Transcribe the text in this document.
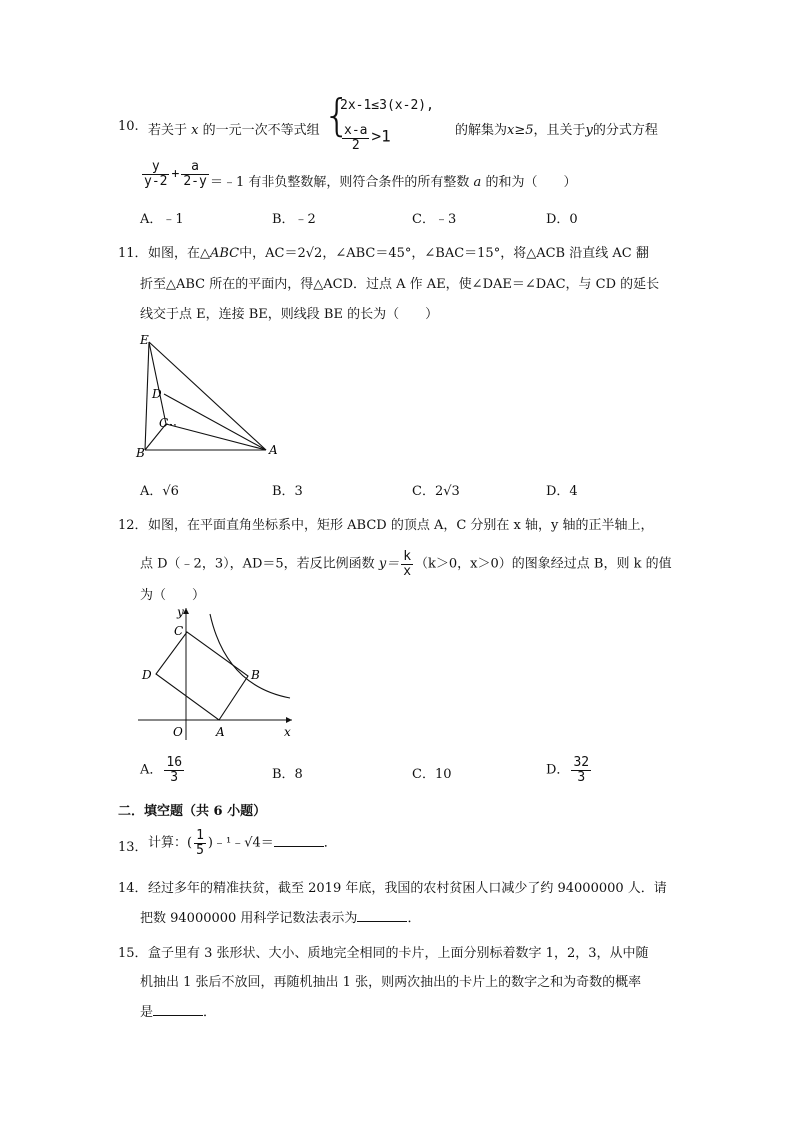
10. 若关于 x 的一元一次不等式组 {
2x-1≤3(x-2),
$\frac{x-a}{2} >1$	的解集为x≥5，且关于y的分式方程
$\frac{y}{y-2} + \frac{a}{2-y}$ ＝﹣1 有非负整数解，则符合条件的所有整数 a 的和为（　　）
A．﹣1	B．﹣2	C．﹣3	D．0
11． 如图，在△ABC中，AC＝2√2，∠ABC＝45°，∠BAC＝15°，将△ACB 沿直线 AC 翻
折至△ABC 所在的平面内，得△ACD．过点 A 作 AE，使∠DAE＝∠DAC，与 CD 的延长
线交于点 E，连接 BE，则线段 BE 的长为（　　）
E
D
C
B	A
A．√6	B．3	C．2√3	D．4
12． 如图，在平面直角坐标系中，矩形 ABCD 的顶点 A，C 分别在 x 轴，y 轴的正半轴上，
点 D（﹣2，3），AD＝5，若反比例函数 $y= \frac{k}{x} (k>0$，x＞0）的图象经过点 B，则 k 的值
为（　　）
y
C
D	B
O	A	x
A． $\frac{16}{3}$	B．8	C．10	D． $\frac{32}{3}$
二．填空题（共 6 小题）
13． 计算：( $\frac{1}{5}$ )﹣¹﹣√4＝	．
14． 经过多年的精准扶贫，截至 2019 年底，我国的农村贫困人口减少了约 94000000 人．请
把数 94000000 用科学记数法表示为	．
15． 盒子里有 3 张形状、大小、质地完全相同的卡片，上面分别标着数字 1，2，3，从中随
机抽出 1 张后不放回，再随机抽出 1 张，则两次抽出的卡片上的数字之和为奇数的概率
是	．
